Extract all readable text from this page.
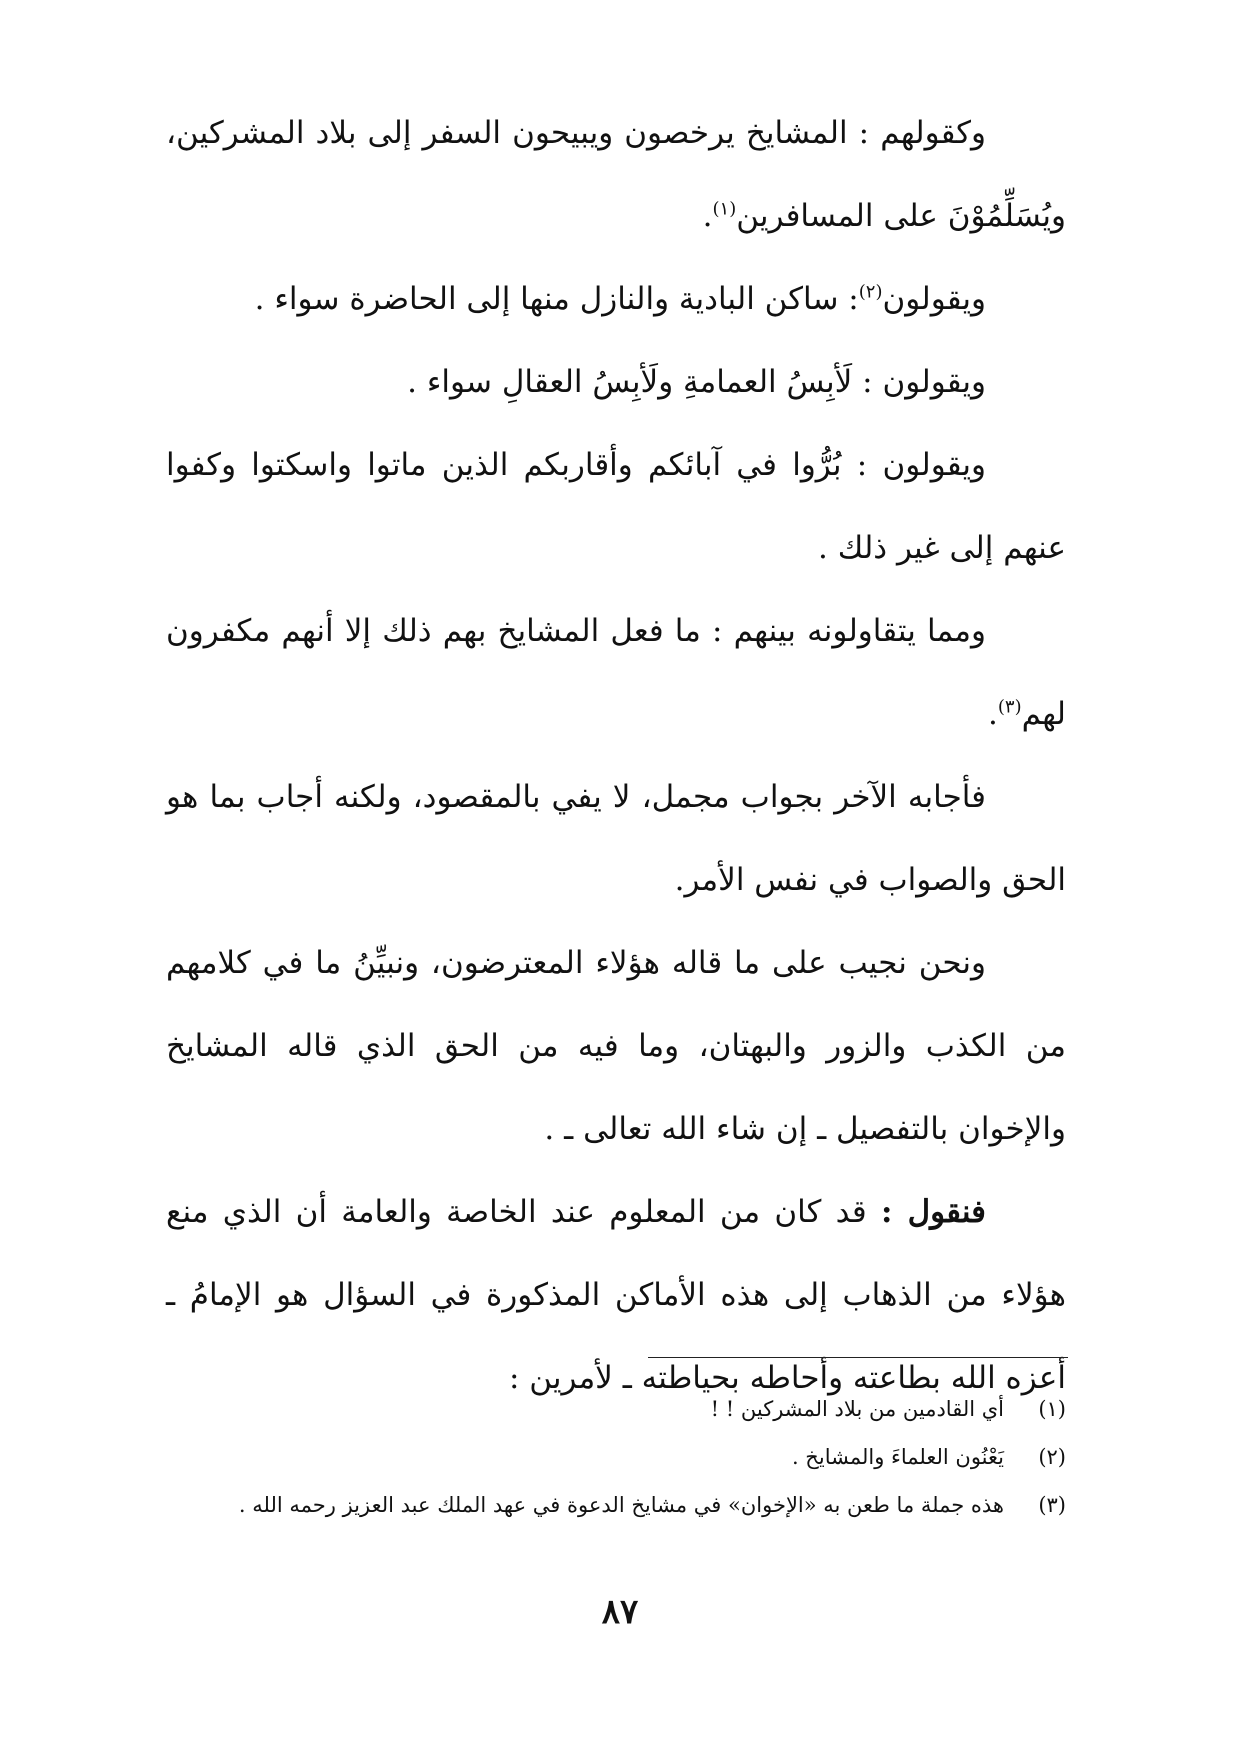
وكقولهم : المشايخ يرخصون ويبيحون السفر إلى بلاد المشركين، ويُسَلِّمُوْنَ على المسافرين$^{(١)}$.

ويقولون$^{(٢)}$: ساكن البادية والنازل منها إلى الحاضرة سواء .

ويقولون : لَأبِسُ العمامةِ ولَأبِسُ العقالِ سواء .

ويقولون : بُرُّوا في آبائكم وأقاربكم الذين ماتوا واسكتوا وكفوا عنهم إلى غير ذلك .

ومما يتقاولونه بينهم : ما فعل المشايخ بهم ذلك إلا أنهم مكفرون لهم$^{(٣)}$.

فأجابه الآخر بجواب مجمل، لا يفي بالمقصود، ولكنه أجاب بما هو الحق والصواب في نفس الأمر.

ونحن نجيب على ما قاله هؤلاء المعترضون، ونبيِّنُ ما في كلامهم من الكذب والزور والبهتان، وما فيه من الحق الذي قاله المشايخ والإخوان بالتفصيل ـ إن شاء الله تعالى ـ .

فنقول : قد كان من المعلوم عند الخاصة والعامة أن الذي منع هؤلاء من الذهاب إلى هذه الأماكن المذكورة في السؤال هو الإمامُ ـ أعزه الله بطاعته وأحاطه بحياطته ـ لأمرين :

(١)
أي القادمين من بلاد المشركين ! !
(٢)
يَعْنُون العلماءَ والمشايخ .
(٣)
هذه جملة ما طعن به «الإخوان» في مشايخ الدعوة في عهد الملك عبد العزيز رحمه الله .
٨٧
